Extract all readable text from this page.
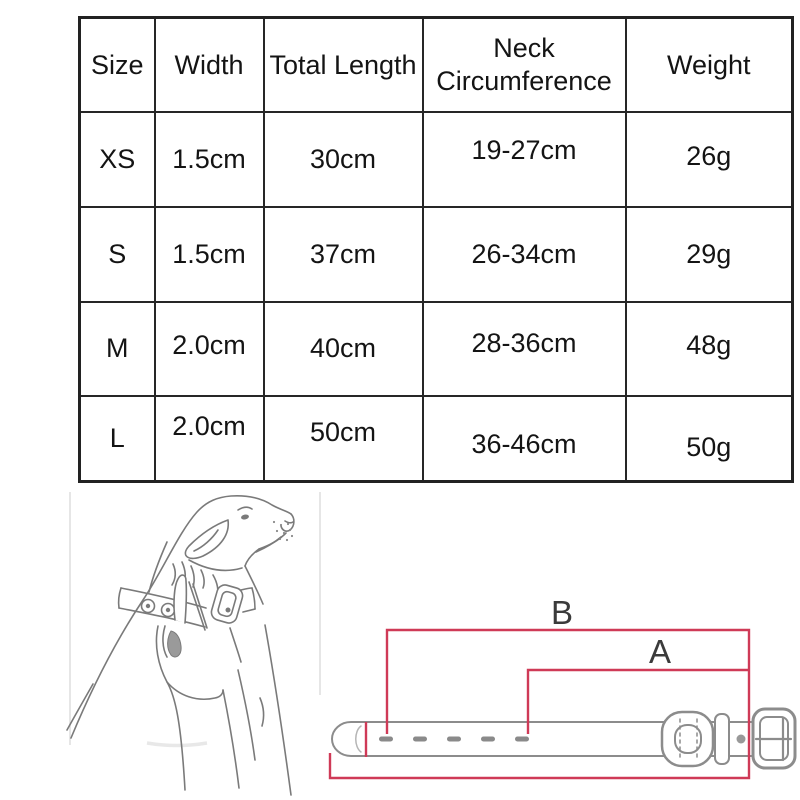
Size	Width	Total Length	Neck Circumference	Weight
XS	1.5cm	30cm	19-27cm	26g
S	1.5cm	37cm	26-34cm	29g
M	2.0cm	40cm	28-36cm	48g
L	2.0cm	50cm	36-46cm	50g
B
A
